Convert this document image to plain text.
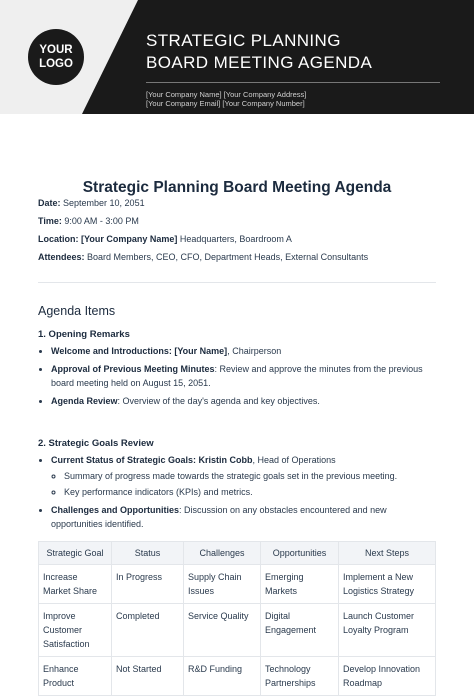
YOUR
LOGO
STRATEGIC PLANNING
BOARD MEETING AGENDA
[Your Company Name] [Your Company Address]
[Your Company Email] [Your Company Number]
Strategic Planning Board Meeting Agenda
Date: September 10, 2051
Time: 9:00 AM - 3:00 PM
Location: [Your Company Name] Headquarters, Boardroom A
Attendees: Board Members, CEO, CFO, Department Heads, External Consultants
Agenda Items
1. Opening Remarks
• Welcome and Introductions: [Your Name], Chairperson
• Approval of Previous Meeting Minutes: Review and approve the minutes from the previous board meeting held on August 15, 2051.
• Agenda Review: Overview of the day's agenda and key objectives.
2. Strategic Goals Review
• Current Status of Strategic Goals: Kristin Cobb, Head of Operations
◦ Summary of progress made towards the strategic goals set in the previous meeting.
◦ Key performance indicators (KPIs) and metrics.
• Challenges and Opportunities: Discussion on any obstacles encountered and new opportunities identified.
Strategic Goal	Status	Challenges	Opportunities	Next Steps
Increase Market Share	In Progress	Supply Chain Issues	Emerging Markets	Implement a New Logistics Strategy
Improve Customer Satisfaction	Completed	Service Quality	Digital Engagement	Launch Customer Loyalty Program
Enhance Product	Not Started	R&D Funding	Technology Partnerships	Develop Innovation Roadmap
